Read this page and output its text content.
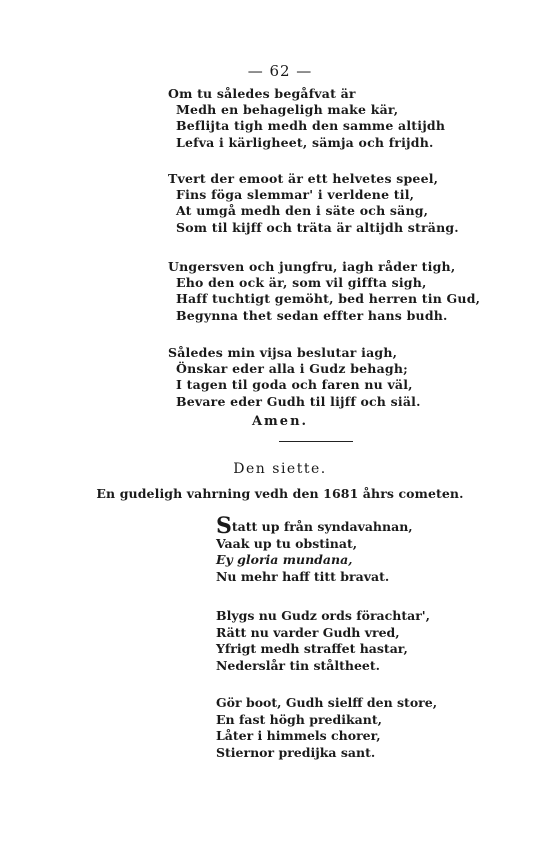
— 62 —
Om tu således begåfvat är
Medh en behageligh make kär,
Beflijta tigh medh den samme altijdh
Lefva i kärligheet, sämja och frijdh.
Tvert der emoot är ett helvetes speel,
Fins föga slemmar' i verldene til,
At umgå medh den i säte och säng,
Som til kijff och träta är altijdh sträng.
Ungersven och jungfru, iagh råder tigh,
Eho den ock är, som vil giffta sigh,
Haff tuchtigt gemöht, bed herren tin Gud,
Begynna thet sedan effter hans budh.
Således min vijsa beslutar iagh,
Önskar eder alla i Gudz behagh;
I tagen til goda och faren nu väl,
Bevare eder Gudh til lijff och siäl.
Amen.
Den siette.
En gudeligh vahrning vedh den 1681 åhrs cometen.
Statt up från syndavahnan,
Vaak up tu obstinat,
Ey gloria mundana,
Nu mehr haff titt bravat.
Blygs nu Gudz ords förachtar',
Rätt nu varder Gudh vred,
Yfrigt medh straffet hastar,
Nederslår tin ståltheet.
Gör boot, Gudh sielff den store,
En fast högh predikant,
Låter i himmels chorer,
Stiernor predijka sant.
